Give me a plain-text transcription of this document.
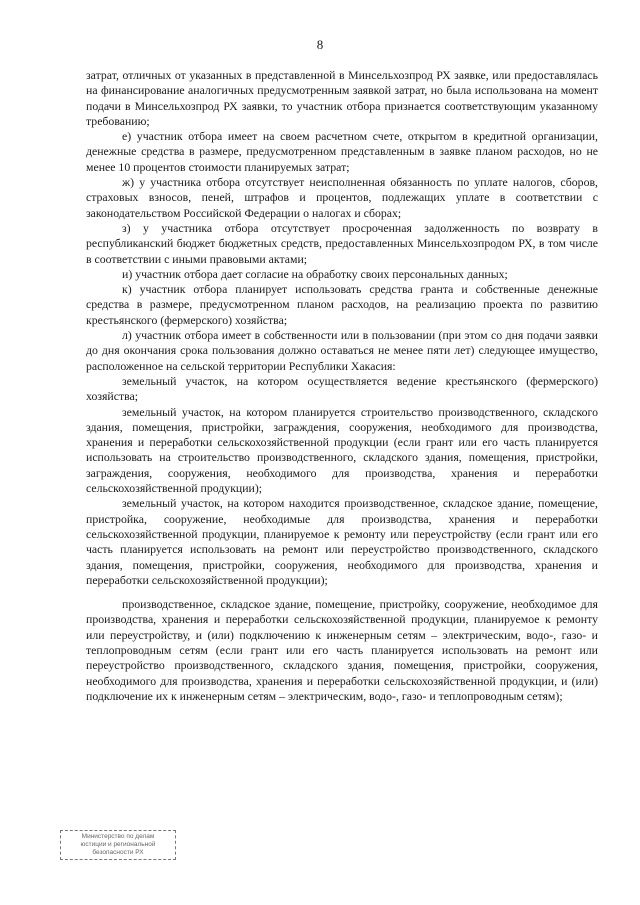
8

затрат, отличных от указанных в представленной в Минсельхозпрод РХ заявке, или предоставлялась на финансирование аналогичных предусмотренным заявкой затрат, но была использована на момент подачи в Минсельхозпрод РХ заявки, то участник отбора признается соответствующим указанному требованию;

е) участник отбора имеет на своем расчетном счете, открытом в кредитной организации, денежные средства в размере, предусмотренном представленным в заявке планом расходов, но не менее 10 процентов стоимости планируемых затрат;

ж) у участника отбора отсутствует неисполненная обязанность по уплате налогов, сборов, страховых взносов, пеней, штрафов и процентов, подлежащих уплате в соответствии с законодательством Российской Федерации о налогах и сборах;

з) у участника отбора отсутствует просроченная задолженность по возврату в республиканский бюджет бюджетных средств, предоставленных Минсельхозпродом РХ, в том числе в соответствии с иными правовыми актами;

и) участник отбора дает согласие на обработку своих персональных данных;

к) участник отбора планирует использовать средства гранта и собственные денежные средства в размере, предусмотренном планом расходов, на реализацию проекта по развитию крестьянского (фермерского) хозяйства;

л) участник отбора имеет в собственности или в пользовании (при этом со дня подачи заявки до дня окончания срока пользования должно оставаться не менее пяти лет) следующее имущество, расположенное на сельской территории Республики Хакасия:

земельный участок, на котором осуществляется ведение крестьянского (фермерского) хозяйства;

земельный участок, на котором планируется строительство производственного, складского здания, помещения, пристройки, заграждения, сооружения, необходимого для производства, хранения и переработки сельскохозяйственной продукции (если грант или его часть планируется использовать на строительство производственного, складского здания, помещения, пристройки, заграждения, сооружения, необходимого для производства, хранения и переработки сельскохозяйственной продукции);

земельный участок, на котором находится производственное, складское здание, помещение, пристройка, сооружение, необходимые для производства, хранения и переработки сельскохозяйственной продукции, планируемое к ремонту или переустройству (если грант или его часть планируется использовать на ремонт или переустройство производственного, складского здания, помещения, пристройки, сооружения, необходимого для производства, хранения и переработки сельскохозяйственной продукции);

производственное, складское здание, помещение, пристройку, сооружение, необходимое для производства, хранения и переработки сельскохозяйственной продукции, планируемое к ремонту или переустройству, и (или) подключению к инженерным сетям – электрическим, водо-, газо- и теплопроводным сетям (если грант или его часть планируется использовать на ремонт или переустройство производственного, складского здания, помещения, пристройки, сооружения, необходимого для производства, хранения и переработки сельскохозяйственной продукции, и (или) подключение их к инженерным сетям – электрическим, водо-, газо- и теплопроводным сетям);

Министерство по делам
юстиции и региональной
безопасности РХ
